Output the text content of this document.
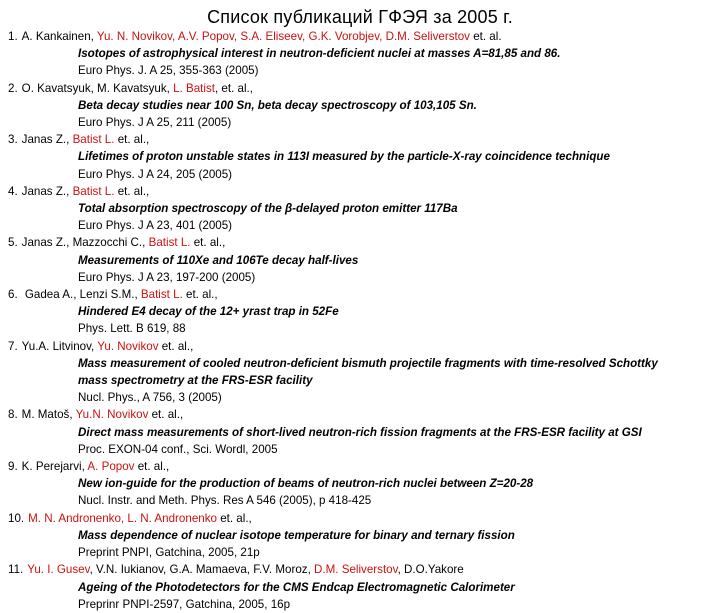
Список публикаций ГФЭЯ за 2005 г.
1. A. Kankainen, Yu. N. Novikov, A.V. Popov, S.A. Eliseev, G.K. Vorobjev, D.M. Seliverstov et. al.
Isotopes of astrophysical interest in neutron-deficient nuclei at masses A=81,85 and 86.
Euro Phys. J. A 25, 355-363 (2005)
2. O. Kavatsyuk, M. Kavatsyuk, L. Batist, et. al.,
Beta decay studies near 100 Sn, beta decay spectroscopy of 103,105 Sn.
Euro Phys. J A 25, 211 (2005)
3. Janas Z., Batist L. et. al.,
Lifetimes of proton unstable states in 113I measured by the particle-X-ray coincidence technique
Euro Phys. J A 24, 205 (2005)
4. Janas Z., Batist L. et. al.,
Total absorption spectroscopy of the β-delayed proton emitter 117Ba
Euro Phys. J A 23, 401 (2005)
5. Janas Z., Mazzocchi C., Batist L. et. al.,
Measurements of 110Xe and 106Te decay half-lives
Euro Phys. J A 23, 197-200 (2005)
6. Gadea A., Lenzi S.M., Batist L. et. al.,
Hindered E4 decay of the 12+ yrast trap in 52Fe
Phys. Lett. B 619, 88
7. Yu.A. Litvinov, Yu. Novikov et. al.,
Mass measurement of cooled neutron-deficient bismuth projectile fragments with time-resolved Schottky
mass spectrometry at the FRS-ESR facility
Nucl. Phys., A 756, 3 (2005)
8. M. Matoš, Yu.N. Novikov et. al.,
Direct mass measurements of short-lived neutron-rich fission fragments at the FRS-ESR facility at GSI
Proc. EXON-04 conf., Sci. Wordl, 2005
9. K. Perejarvi, A. Popov et. al.,
New ion-guide for the production of beams of neutron-rich nuclei between Z=20-28
Nucl. Instr. and Meth. Phys. Res A 546 (2005), p 418-425
10. M. N. Andronenko, L. N. Andronenko et. al.,
Mass dependence of nuclear isotope temperature for binary and ternary fission
Preprint PNPI, Gatchina, 2005, 21p
11. Yu. I. Gusev, V.N. Iukianov, G.A. Mamaeva, F.V. Moroz, D.M. Seliverstov, D.O.Yakore
Ageing of the Photodetectors for the CMS Endcap Electromagnetic Calorimeter
Preprinr PNPI-2597, Gatchina, 2005, 16p
